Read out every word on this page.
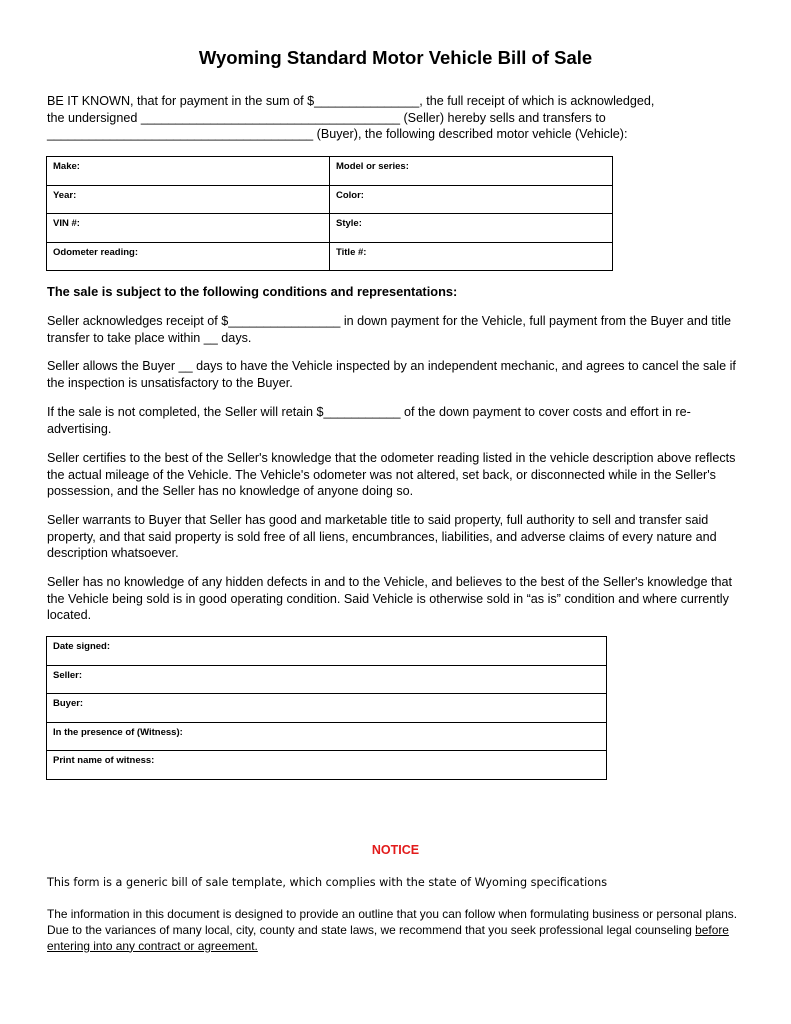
Wyoming Standard Motor Vehicle Bill of Sale
BE IT KNOWN, that for payment in the sum of $_______________, the full receipt of which is acknowledged,
the undersigned _____________________________________ (Seller) hereby sells and transfers to
______________________________________ (Buyer), the following described motor vehicle (Vehicle):
Make:	Model or series:
Year:	Color:
VIN #:	Style:
Odometer reading:	Title #:
The sale is subject to the following conditions and representations:
Seller acknowledges receipt of $________________ in down payment for the Vehicle, full payment from the Buyer and title transfer to take place within __ days.
Seller allows the Buyer __ days to have the Vehicle inspected by an independent mechanic, and agrees to cancel the sale if the inspection is unsatisfactory to the Buyer.
If the sale is not completed, the Seller will retain $___________ of the down payment to cover costs and effort in re-advertising.
Seller certifies to the best of the Seller's knowledge that the odometer reading listed in the vehicle description above reflects the actual mileage of the Vehicle. The Vehicle's odometer was not altered, set back, or disconnected while in the Seller's possession, and the Seller has no knowledge of anyone doing so.
Seller warrants to Buyer that Seller has good and marketable title to said property, full authority to sell and transfer said property, and that said property is sold free of all liens, encumbrances, liabilities, and adverse claims of every nature and description whatsoever.
Seller has no knowledge of any hidden defects in and to the Vehicle, and believes to the best of the Seller's knowledge that the Vehicle being sold is in good operating condition. Said Vehicle is otherwise sold in “as is” condition and where currently located.
Date signed:
Seller:
Buyer:
In the presence of (Witness):
Print name of witness:
NOTICE
This form is a generic bill of sale template, which complies with the state of Wyoming specifications
The information in this document is designed to provide an outline that you can follow when formulating business or personal plans. Due to the variances of many local, city, county and state laws, we recommend that you seek professional legal counseling before entering into any contract or agreement.
